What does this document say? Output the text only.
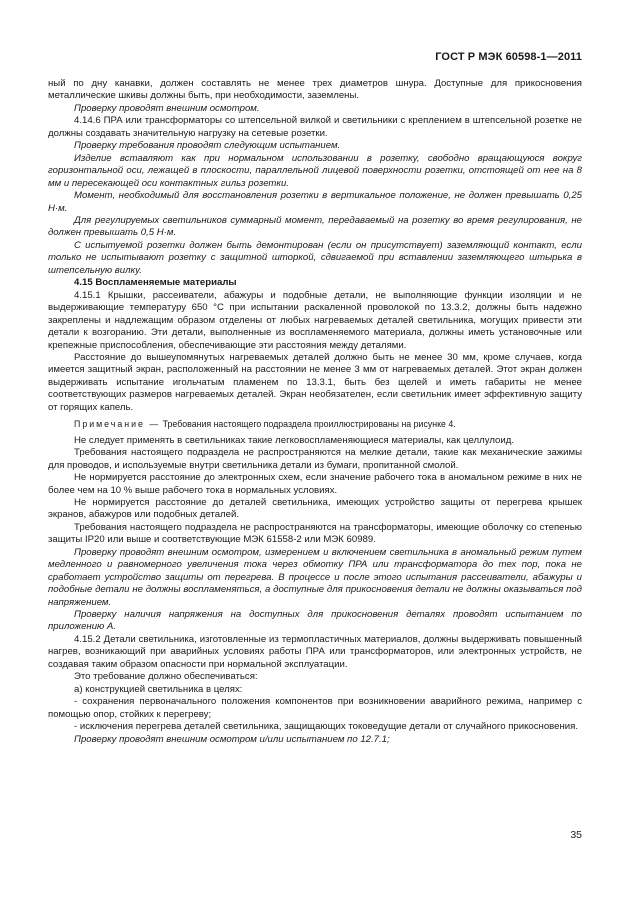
ГОСТ Р МЭК 60598-1—2011

ный по дну канавки, должен составлять не менее трех диаметров шнура. Доступные для прикосновения металлические шкивы должны быть, при необходимости, заземлены.

Проверку проводят внешним осмотром.

4.14.6 ПРА или трансформаторы со штепсельной вилкой и светильники с креплением в штепсельной розетке не должны создавать значительную нагрузку на сетевые розетки.

Проверку требования проводят следующим испытанием.

Изделие вставляют как при нормальном использовании в розетку, свободно вращающуюся вокруг горизонтальной оси, лежащей в плоскости, параллельной лицевой поверхности розетки, отстоящей от нее на 8 мм и пересекающей оси контактных гильз розетки.

Момент, необходимый для восстановления розетки в вертикальное положение, не должен превышать 0,25 Н·м.

Для регулируемых светильников суммарный момент, передаваемый на розетку во время регулирования, не должен превышать 0,5 Н·м.

С испытуемой розетки должен быть демонтирован (если он присутствует) заземляющий контакт, если только не испытывают розетку с защитной шторкой, сдвигаемой при вставлении заземляющего штырька в штепсельную вилку.

4.15 Воспламеняемые материалы

4.15.1 Крышки, рассеиватели, абажуры и подобные детали, не выполняющие функции изоляции и не выдерживающие температуру 650 °С при испытании раскаленной проволокой по 13.3.2, должны быть надежно закреплены и надлежащим образом отделены от любых нагреваемых деталей светильника, могущих привести эти детали к возгоранию. Эти детали, выполненные из воспламеняемого материала, должны иметь установочные или крепежные приспособления, обеспечивающие эти расстояния между деталями.

Расстояние до вышеупомянутых нагреваемых деталей должно быть не менее 30 мм, кроме случаев, когда имеется защитный экран, расположенный на расстоянии не менее 3 мм от нагреваемых деталей. Этот экран должен выдерживать испытание игольчатым пламенем по 13.3.1, быть без щелей и иметь габариты не менее соответствующих размеров нагреваемых деталей. Экран необязателен, если светильник имеет эффективную защиту от горящих капель.

Примечание — Требования настоящего подраздела проиллюстрированы на рисунке 4.

Не следует применять в светильниках такие легковоспламеняющиеся материалы, как целлулоид.

Требования настоящего подраздела не распространяются на мелкие детали, такие как механические зажимы для проводов, и используемые внутри светильника детали из бумаги, пропитанной смолой.

Не нормируется расстояние до электронных схем, если значение рабочего тока в аномальном режиме в них не более чем на 10 % выше рабочего тока в нормальных условиях.

Не нормируется расстояние до деталей светильника, имеющих устройство защиты от перегрева крышек экранов, абажуров или подобных деталей.

Требования настоящего подраздела не распространяются на трансформаторы, имеющие оболочку со степенью защиты IP20 или выше и соответствующие МЭК 61558-2 или МЭК 60989.

Проверку проводят внешним осмотром, измерением и включением светильника в аномальный режим путем медленного и равномерного увеличения тока через обмотку ПРА или трансформатора до тех пор, пока не сработает устройство защиты от перегрева. В процессе и после этого испытания рассеиватели, абажуры и подобные детали не должны воспламеняться, а доступные для прикосновения детали не должны оказываться под напряжением.

Проверку наличия напряжения на доступных для прикосновения деталях проводят испытанием по приложению А.

4.15.2 Детали светильника, изготовленные из термопластичных материалов, должны выдерживать повышенный нагрев, возникающий при аварийных условиях работы ПРА или трансформаторов, или электронных устройств, не создавая таким образом опасности при нормальной эксплуатации.

Это требование должно обеспечиваться:

а) конструкцией светильника в целях:

- сохранения первоначального положения компонентов при возникновении аварийного режима, например с помощью опор, стойких к перегреву;

- исключения перегрева деталей светильника, защищающих токоведущие детали от случайного прикосновения.

Проверку проводят внешним осмотром и/или испытанием по 12.7.1;

35
